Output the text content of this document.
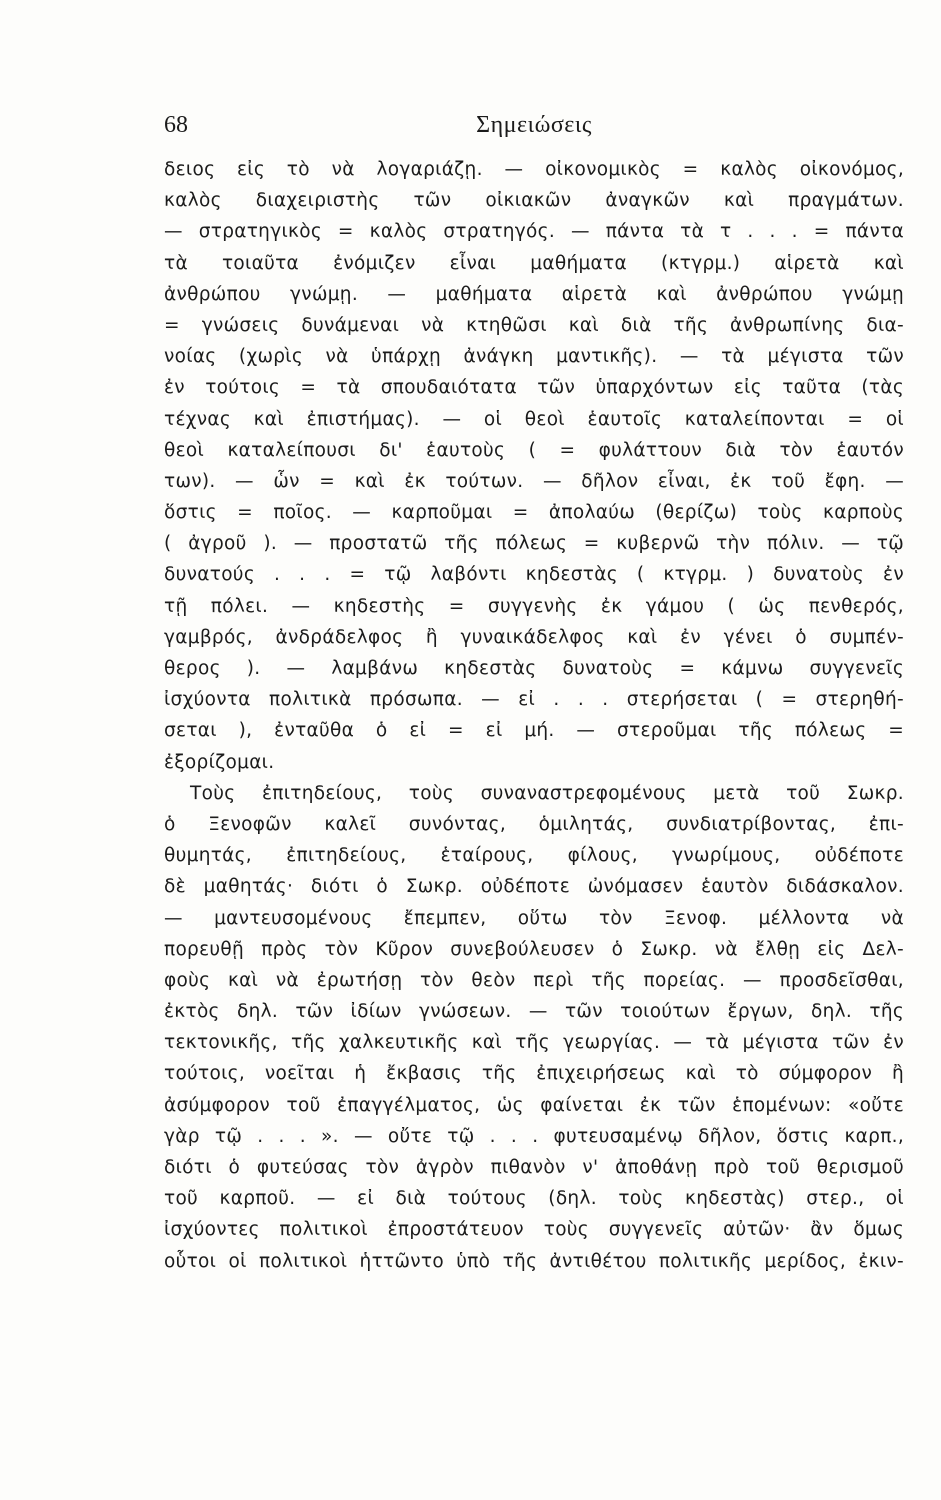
68	Σημειώσεις
δειος εἰς τὸ νὰ λογαριάζῃ. — οἰκονομικὸς = καλὸς οἰκονόμος,
καλὸς διαχειριστὴς τῶν οἰκιακῶν ἀναγκῶν καὶ πραγμάτων.
— στρατηγικὸς = καλὸς στρατηγός. — πάντα τὰ τ . . . = πάντα
τὰ τοιαῦτα ἐνόμιζεν εἶναι μαθήματα (κτγρμ.) αἱρετὰ καὶ
ἀνθρώπου γνώμῃ. — μαθήματα αἱρετὰ καὶ ἀνθρώπου γνώμῃ
= γνώσεις δυνάμεναι νὰ κτηθῶσι καὶ διὰ τῆς ἀνθρωπίνης δια-
νοίας (χωρὶς νὰ ὑπάρχῃ ἀνάγκη μαντικῆς). — τὰ μέγιστα τῶν
ἐν τούτοις = τὰ σπουδαιότατα τῶν ὑπαρχόντων εἰς ταῦτα (τὰς
τέχνας καὶ ἐπιστήμας). — οἱ θεοὶ ἑαυτοῖς καταλείπονται = οἱ
θεοὶ καταλείπουσι δι' ἑαυτοὺς ( = φυλάττουν διὰ τὸν ἑαυτόν
των). — ὧν = καὶ ἐκ τούτων. — δῆλον εἶναι, ἐκ τοῦ ἔφη. —
ὅστις = ποῖος. — καρποῦμαι = ἀπολαύω (θερίζω) τοὺς καρποὺς
( ἀγροῦ ). — προστατῶ τῆς πόλεως = κυβερνῶ τὴν πόλιν. — τῷ
δυνατούς . . . = τῷ λαβόντι κηδεστὰς ( κτγρμ. ) δυνατοὺς ἐν
τῇ πόλει. — κηδεστὴς = συγγενὴς ἐκ γάμου ( ὡς πενθερός,
γαμβρός, ἀνδράδελφος ἢ γυναικάδελφος καὶ ἐν γένει ὁ συμπέν-
θερος ). — λαμβάνω κηδεστὰς δυνατοὺς = κάμνω συγγενεῖς
ἰσχύοντα πολιτικὰ πρόσωπα. — εἰ . . . στερήσεται ( = στερηθή-
σεται ), ἐνταῦθα ὁ εἰ = εἰ μή. — στεροῦμαι τῆς πόλεως =
ἐξορίζομαι.
Τοὺς ἐπιτηδείους, τοὺς συναναστρεφομένους μετὰ τοῦ Σωκρ.
ὁ Ξενοφῶν καλεῖ συνόντας, ὁμιλητάς, συνδιατρίβοντας, ἐπι-
θυμητάς, ἐπιτηδείους, ἑταίρους, φίλους, γνωρίμους, οὐδέποτε
δὲ μαθητάς· διότι ὁ Σωκρ. οὐδέποτε ὠνόμασεν ἑαυτὸν διδάσκαλον.
— μαντευσομένους ἔπεμπεν, οὕτω τὸν Ξενοφ. μέλλοντα νὰ
πορευθῇ πρὸς τὸν Κῦρον συνεβούλευσεν ὁ Σωκρ. νὰ ἔλθῃ εἰς Δελ-
φοὺς καὶ νὰ ἐρωτήσῃ τὸν θεὸν περὶ τῆς πορείας. — προσδεῖσθαι,
ἐκτὸς δηλ. τῶν ἰδίων γνώσεων. — τῶν τοιούτων ἔργων, δηλ. τῆς
τεκτονικῆς, τῆς χαλκευτικῆς καὶ τῆς γεωργίας. — τὰ μέγιστα τῶν ἐν
τούτοις, νοεῖται ἡ ἔκβασις τῆς ἐπιχειρήσεως καὶ τὸ σύμφορον ἢ
ἀσύμφορον τοῦ ἐπαγγέλματος, ὡς φαίνεται ἐκ τῶν ἑπομένων: «οὔτε
γὰρ τῷ . . . ». — οὔτε τῷ . . . φυτευσαμένῳ δῆλον, ὅστις καρπ.,
διότι ὁ φυτεύσας τὸν ἀγρὸν πιθανὸν ν' ἀποθάνῃ πρὸ τοῦ θερισμοῦ
τοῦ καρποῦ. — εἰ διὰ τούτους (δηλ. τοὺς κηδεστὰς) στερ., οἱ
ἰσχύοντες πολιτικοὶ ἐπροστάτευον τοὺς συγγενεῖς αὐτῶν· ἂν ὅμως
οὗτοι οἱ πολιτικοὶ ἡττῶντο ὑπὸ τῆς ἀντιθέτου πολιτικῆς μερίδος, ἐκιν-
